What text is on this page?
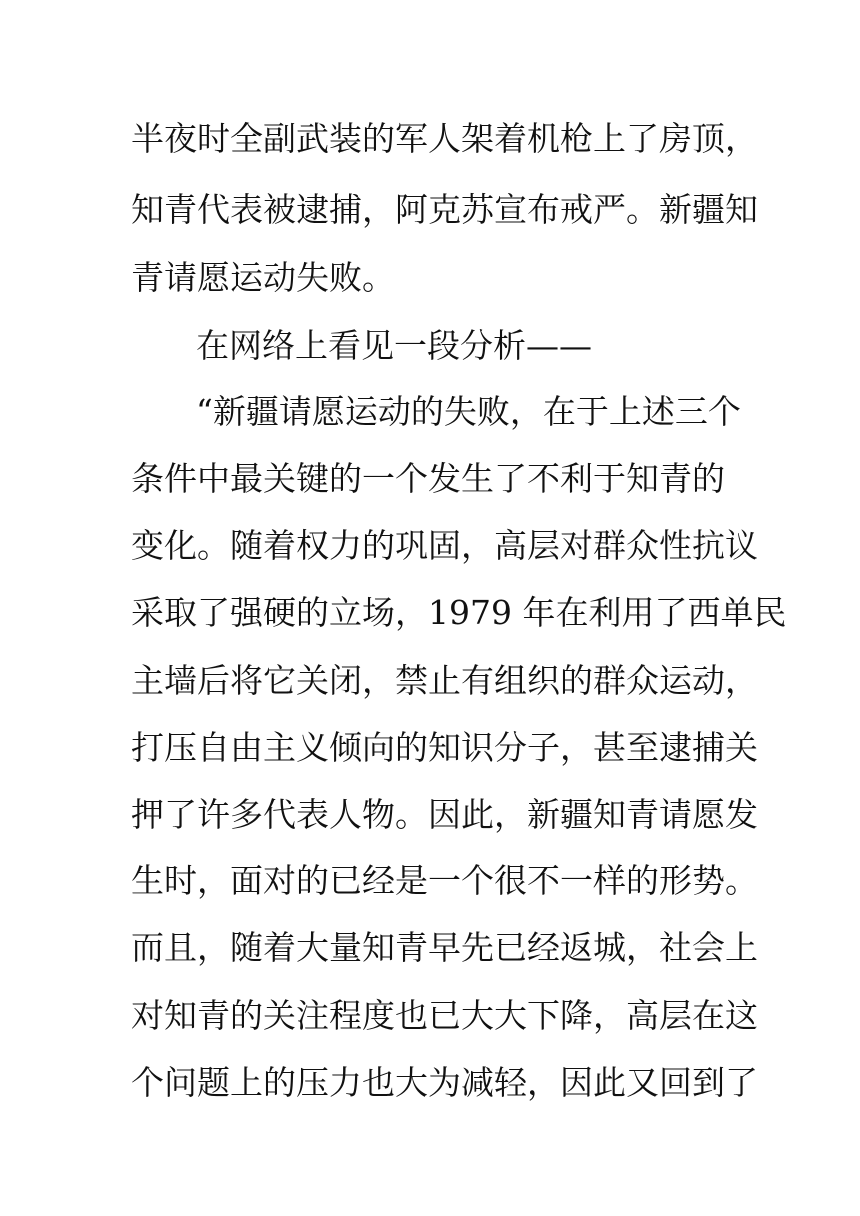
半夜时全副武装的军人架着机枪上了房顶，
知青代表被逮捕，阿克苏宣布戒严。新疆知
青请愿运动失败。
在网络上看见一段分析——
“新疆请愿运动的失败，在于上述三个
条件中最关键的一个发生了不利于知青的
变化。随着权力的巩固，高层对群众性抗议
采取了强硬的立场，1979 年在利用了西单民
主墙后将它关闭，禁止有组织的群众运动，
打压自由主义倾向的知识分子，甚至逮捕关
押了许多代表人物。因此，新疆知青请愿发
生时，面对的已经是一个很不一样的形势。
而且，随着大量知青早先已经返城，社会上
对知青的关注程度也已大大下降，高层在这
个问题上的压力也大为减轻，因此又回到了
